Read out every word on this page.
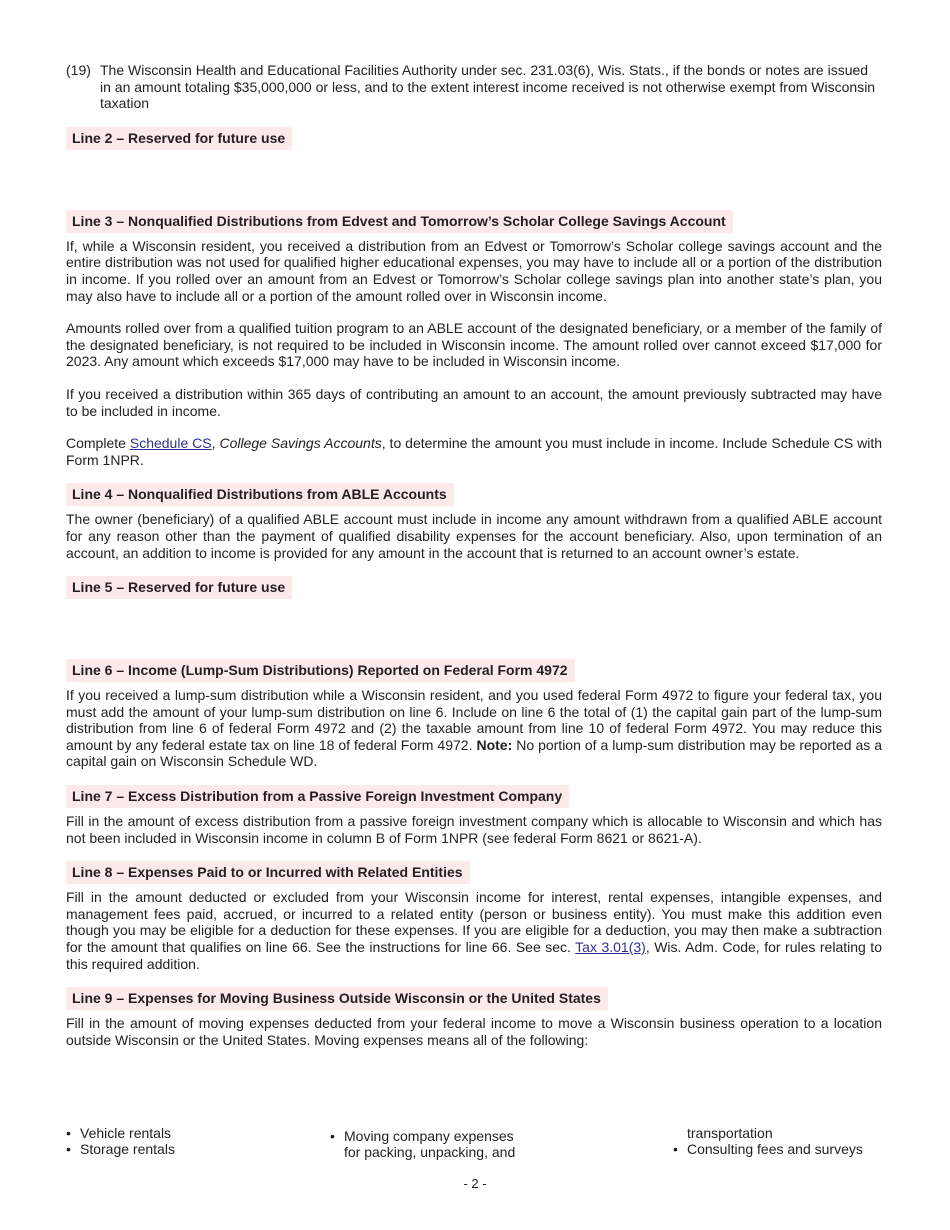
(19) The Wisconsin Health and Educational Facilities Authority under sec. 231.03(6), Wis. Stats., if the bonds or notes are issued in an amount totaling $35,000,000 or less, and to the extent interest income received is not otherwise exempt from Wisconsin taxation

Line 2 – Reserved for future use
Line 3 – Nonqualified Distributions from Edvest and Tomorrow’s Scholar College Savings Account

If, while a Wisconsin resident, you received a distribution from an Edvest or Tomorrow’s Scholar college savings account and the entire distribution was not used for qualified higher educational expenses, you may have to include all or a portion of the distribution in income. If you rolled over an amount from an Edvest or Tomorrow’s Scholar college savings plan into another state’s plan, you may also have to include all or a portion of the amount rolled over in Wisconsin income.

Amounts rolled over from a qualified tuition program to an ABLE account of the designated beneficiary, or a member of the family of the designated beneficiary, is not required to be included in Wisconsin income. The amount rolled over cannot exceed $17,000 for 2023. Any amount which exceeds $17,000 may have to be included in Wisconsin income.

If you received a distribution within 365 days of contributing an amount to an account, the amount previously subtracted may have to be included in income.

Complete Schedule CS, College Savings Accounts, to determine the amount you must include in income. Include Schedule CS with Form 1NPR.

Line 4 – Nonqualified Distributions from ABLE Accounts

The owner (beneficiary) of a qualified ABLE account must include in income any amount withdrawn from a qualified ABLE account for any reason other than the payment of qualified disability expenses for the account beneficiary. Also, upon termination of an account, an addition to income is provided for any amount in the account that is returned to an account owner’s estate.

Line 5 – Reserved for future use
Line 6 – Income (Lump-Sum Distributions) Reported on Federal Form 4972

If you received a lump-sum distribution while a Wisconsin resident, and you used federal Form 4972 to figure your federal tax, you must add the amount of your lump-sum distribution on line 6. Include on line 6 the total of (1) the capital gain part of the lump-sum distribution from line 6 of federal Form 4972 and (2) the taxable amount from line 10 of federal Form 4972. You may reduce this amount by any federal estate tax on line 18 of federal Form 4972. Note: No portion of a lump-sum distribution may be reported as a capital gain on Wisconsin Schedule WD.

Line 7 – Excess Distribution from a Passive Foreign Investment Company

Fill in the amount of excess distribution from a passive foreign investment company which is allocable to Wisconsin and which has not been included in Wisconsin income in column B of Form 1NPR (see federal Form 8621 or 8621-A).

Line 8 – Expenses Paid to or Incurred with Related Entities

Fill in the amount deducted or excluded from your Wisconsin income for interest, rental expenses, intangible expenses, and management fees paid, accrued, or incurred to a related entity (person or business entity). You must make this addition even though you may be eligible for a deduction for these expenses. If you are eligible for a deduction, you may then make a subtraction for the amount that qualifies on line 66. See the instructions for line 66. See sec. Tax 3.01(3), Wis. Adm. Code, for rules relating to this required addition.

Line 9 – Expenses for Moving Business Outside Wisconsin or the United States

Fill in the amount of moving expenses deducted from your federal income to move a Wisconsin business operation to a location outside Wisconsin or the United States. Moving expenses means all of the following:

• Vehicle rentals
• Storage rentals
• Moving company expenses
for packing, unpacking, and
transportation
• Consulting fees and surveys
- 2 -
